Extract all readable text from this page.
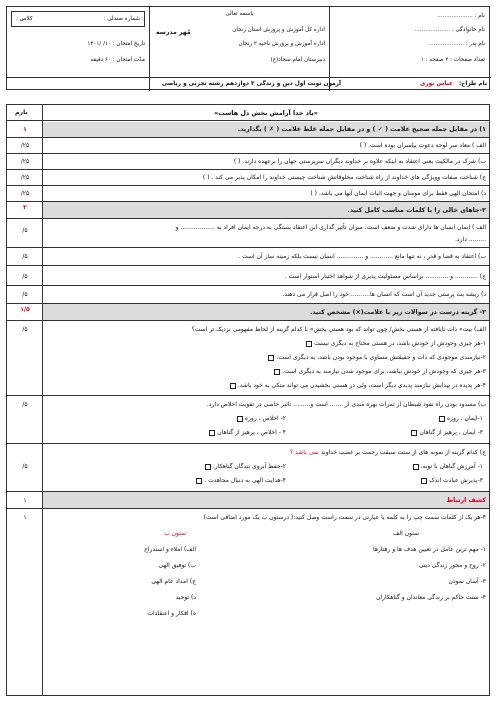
نام : ....................
نام خانوادگی : ....................
نام پدر : ....................
تعداد صفحات : ۲ صفحه : ۱
باسمه تعالی
اداره کل آموزش و پرورش استان زنجان
اداره آموزش و پرورش ناحیه ۲ زنجان
دبیرستان امام سجاد(ع)
مُهر مدرسه
شماره صندلی :
کلاس :
تاریخ امتحان : ۱۰/ /۱۴۰۱
مدّت امتحان : ۶۰ دقیقه
نام طراح:
عباس نوری
آزمون نوبت اول دین و زندگی ۳ دوازدهم رشته تجربی و ریاضی
«یاد خدا آرامش بخش دل هاست»
بارم
۱) در مقابل جمله صحیح علامت ( ✓ ) و در مقابل جمله غلط علامت ( ✗ ) بگذارید.
۱
الف ) معاد سر لوحه دعوت پیامبران بوده است. ( )
۲۵/
ب) شرک در مالکیت یعنی اعتقاد به اینکه علاوه بر خداوند دیگران سرپرستی جهان را برعهده دارند. ( )
۲۵/
ج) شناخت صفات وویژگی های خداوند از راه شناخت مخلوقاتش شناخت چیستی خداوند را امکان پذیر می کند . ( )
۲۵/
د) امتحان الهی فقط برای مومنان و جهت اثبات ایمان آنها می باشد. ( )
۲۵/
۲-جاهای خالی را با کلمات مناسب کامل کنید.
۲
الف ) ایمان انسان ها دارای شدت و ضعف است، میزان تأثیر گذاری این اعتقاد بستگی به درجه ایمان افراد به .................. و
۵/
......... دارد.
ب) اعتقاد به قضا و قدر ، نه تنها مانع ............ و .............. انسان نیست بلکه زمینه ساز آن است .
۵/
ج) ............ و ............ براساس مسئولیت پذیری از شواهد اختیار استوار است .
۵/
د) ریشه بت پرستی جدید آن است که انسان ها.......... خود را اصل قرار می دهند.
۵/
۳- گزینه درست در سوالات زیر با علامت(×) مشخص کنید.
۱/۵
الف) بیت« ذات نایافته از هستی بخش/ چون تواند که بود هستی بخش» با کدام گزینه از لحاظ مفهومی نزدیک تر است؟
۵/
۱-هر چیزی وجودش از خودش باشد، در هستی محتاج به دیگری نیست
۲-نیازمندی موجودی که ذات و حقیقتش مساوی با موجود بودن باشد، به دیگری است.
۳-هر چیزی که وجودش از خودش نباشد، برای موجود شدن نیازمند به دیگری است.
۴-هر پدیده در پیدایش نیازمند پدیدی دیگر است، ولی در هستی بخشیدن می تواند متکی به خود باشد.
ب) مسدود بودن راه نفوذ شیطان از ثمرات بهره مندی از ....... است و......... تاثیر خاصی در تقویت اخلاص دارد.
۵/
۱-ایمان ، روزه
۲- اخلاص ، روزه
۳- ایمان ، پرهیز از گناهان
۴ - اخلاص ، پرهیز از گناهان
ج) کدام گزینه از نمونه های از سنت سبقت رحمت بر غضب خداوند نمی باشد ؟
۵/	۱- آمرزش گناهان با توبه.
۲-حفظ آبروی بندگان گناهکار.
۳-پذیرش عبادت اندک
۴-هدایت الهی به دنبال مجاهدت .
کشف ارتباط
۱
۴-هر یک از کلمات سمت چپ را به کلمه یا عبارتی در سمت راست وصل کنید:( درستون ب یک مورد اضافی است)
۱
ستون الف
ستون ب
۱- مهم ترین عامل در تعیین هدف ها و رفتارها
الف) املاء و استدراج
۲- روح و محور زندگی دینی
ب) توفیق الهی
۳- آسان نمودن
ج) امداد عام الهی
۴- سنت حاکم بر زندگی معاندان و گناهکاران
د) توحید
ه) افکار و اعتقادات
